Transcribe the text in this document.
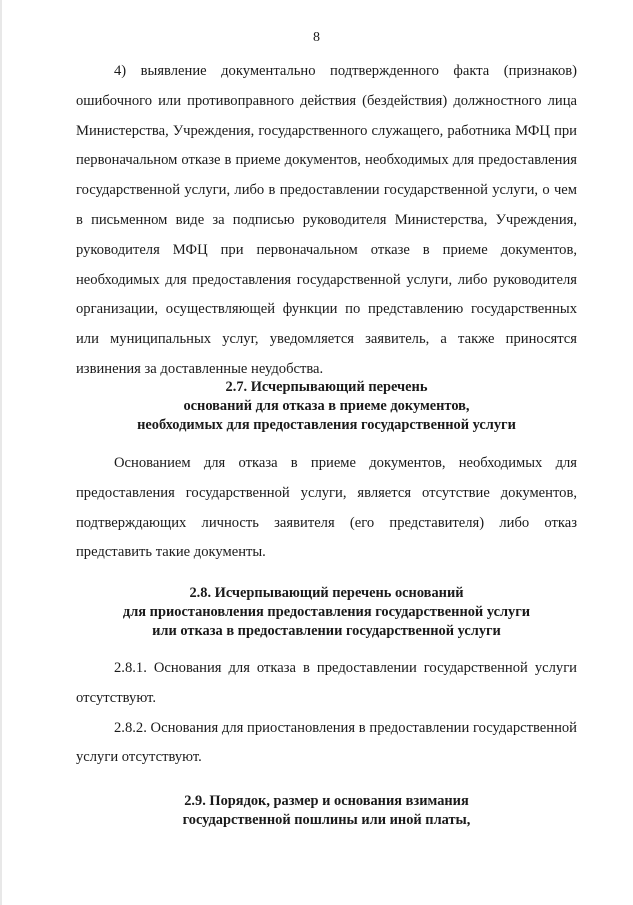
8

4) выявление документально подтвержденного факта (признаков) ошибочного или противоправного действия (бездействия) должностного лица Министерства, Учреждения, государственного служащего, работника МФЦ при первоначальном отказе в приеме документов, необходимых для предоставления государственной услуги, либо в предоставлении государственной услуги, о чем в письменном виде за подписью руководителя Министерства, Учреждения, руководителя МФЦ при первоначальном отказе в приеме документов, необходимых для предоставления государственной услуги, либо руководителя организации, осуществляющей функции по представлению государственных или муниципальных услуг, уведомляется заявитель, а также приносятся извинения за доставленные неудобства.

2.7. Исчерпывающий перечень
оснований для отказа в приеме документов,
необходимых для предоставления государственной услуги

Основанием для отказа в приеме документов, необходимых для предоставления государственной услуги, является отсутствие документов, подтверждающих личность заявителя (его представителя) либо отказ представить такие документы.

2.8. Исчерпывающий перечень оснований
для приостановления предоставления государственной услуги
или отказа в предоставлении государственной услуги

2.8.1. Основания для отказа в предоставлении государственной услуги отсутствуют.

2.8.2. Основания для приостановления в предоставлении государственной услуги отсутствуют.

2.9. Порядок, размер и основания взимания
государственной пошлины или иной платы,
